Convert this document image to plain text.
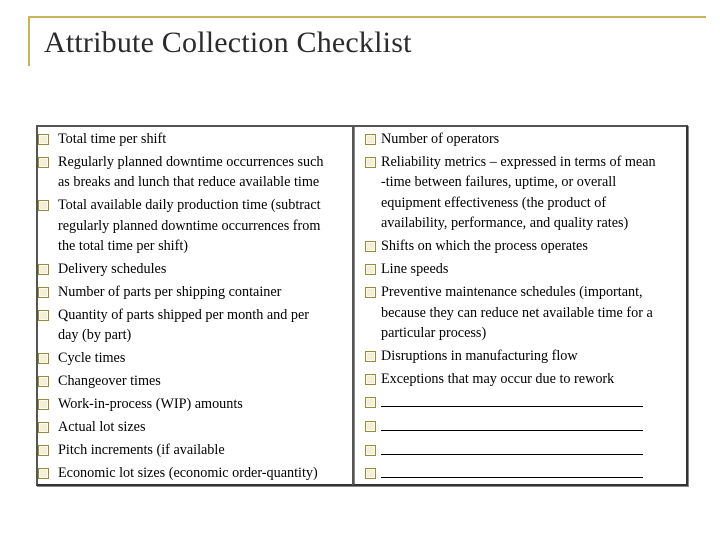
Attribute Collection Checklist
Total time per shift
Regularly planned downtime occurrences such
as breaks and lunch that reduce available time
Total available daily production time (subtract
regularly planned downtime occurrences from
the total time per shift)
Delivery schedules
Number of parts per shipping container
Quantity of parts shipped per month and per
day (by part)
Cycle times
Changeover times
Work-in-process (WIP) amounts
Actual lot sizes
Pitch increments (if available
Economic lot sizes (economic order-quantity)
Number of operators
Reliability metrics – expressed in terms of mean
-time between failures, uptime, or overall
equipment effectiveness (the product of
availability, performance, and quality rates)
Shifts on which the process operates
Line speeds
Preventive maintenance schedules (important,
because they can reduce net available time for a
particular process)
Disruptions in manufacturing flow
Exceptions that may occur due to rework
